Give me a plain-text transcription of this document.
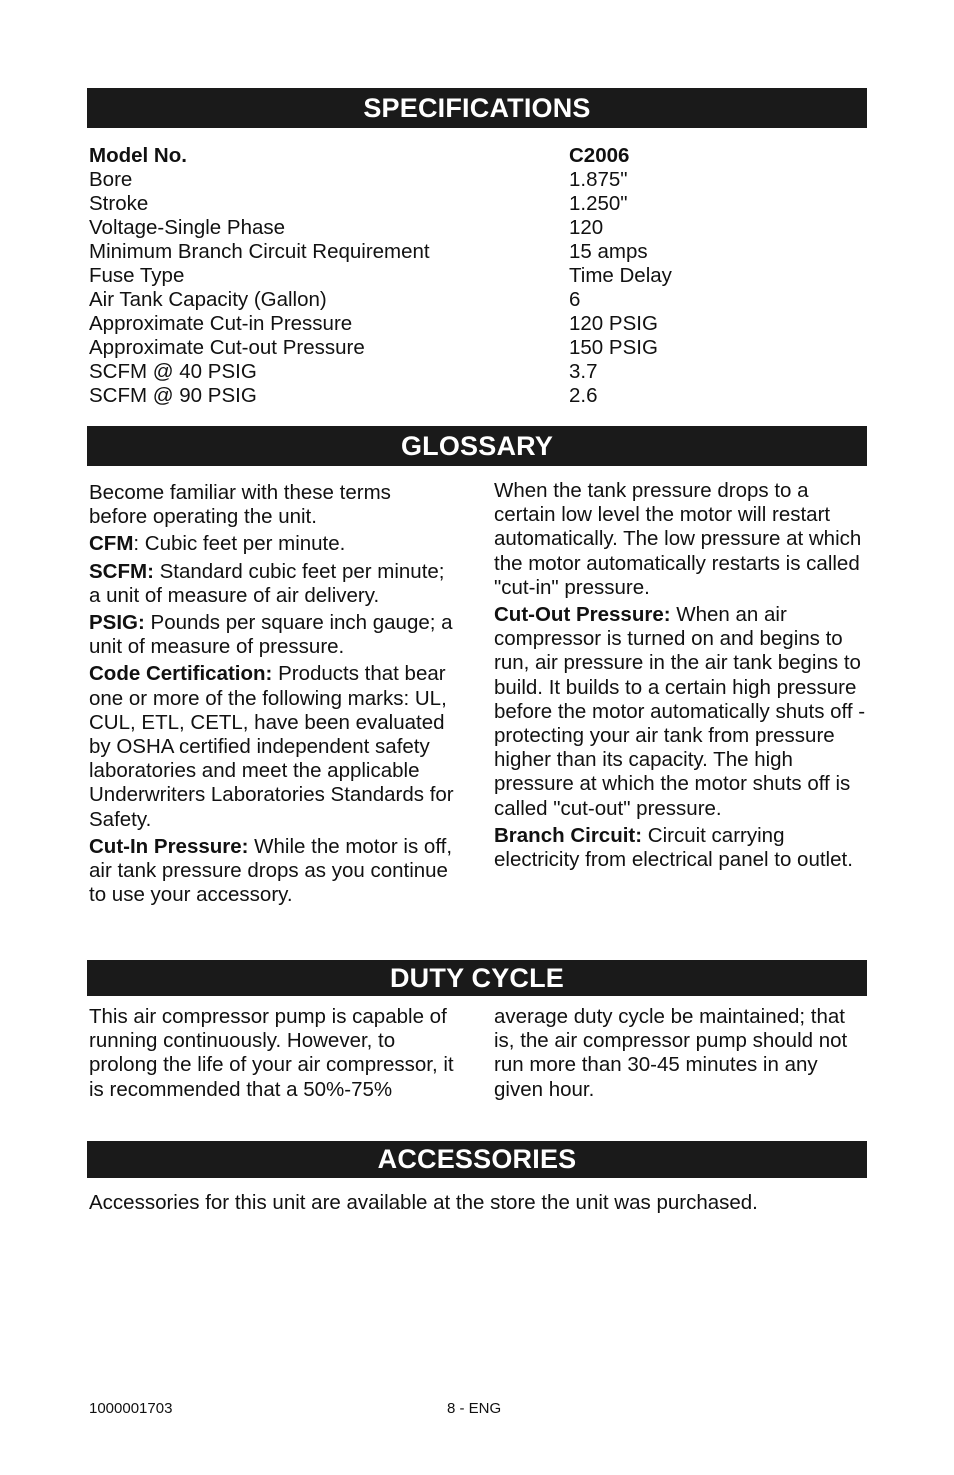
SPECIFICATIONS
Model No.	C2006
Bore	1.875"
Stroke	1.250"
Voltage-Single Phase	120
Minimum Branch Circuit Requirement	15 amps
Fuse Type	Time Delay
Air Tank Capacity (Gallon)	6
Approximate Cut-in Pressure	120 PSIG
Approximate Cut-out Pressure	150 PSIG
SCFM @ 40 PSIG	3.7
SCFM @ 90 PSIG	2.6
GLOSSARY

Become familiar with these terms before operating the unit.

CFM: Cubic feet per minute.

SCFM: Standard cubic feet per minute; a unit of measure of air delivery.

PSIG: Pounds per square inch gauge; a unit of measure of pressure.

Code Certification: Products that bear one or more of the following marks: UL, CUL, ETL, CETL, have been evaluated by OSHA certified independent safety laboratories and meet the applicable Underwriters Laboratories Standards for Safety.

Cut-In Pressure: While the motor is off, air tank pressure drops as you continue to use your accessory.

When the tank pressure drops to a certain low level the motor will restart automatically. The low pressure at which the motor automatically restarts is called "cut-in" pressure.

Cut-Out Pressure: When an air compressor is turned on and begins to run, air pressure in the air tank begins to build. It builds to a certain high pressure before the motor automatically shuts off - protecting your air tank from pressure higher than its capacity. The high pressure at which the motor shuts off is called "cut-out" pressure.

Branch Circuit: Circuit carrying electricity from electrical panel to outlet.

DUTY CYCLE

This air compressor pump is capable of running continuously. However, to prolong the life of your air compressor, it is recommended that a 50%-75%

average duty cycle be maintained; that is, the air compressor pump should not run more than 30-45 minutes in any given hour.

ACCESSORIES
Accessories for this unit are available at the store the unit was purchased.
1000001703	8 - ENG
